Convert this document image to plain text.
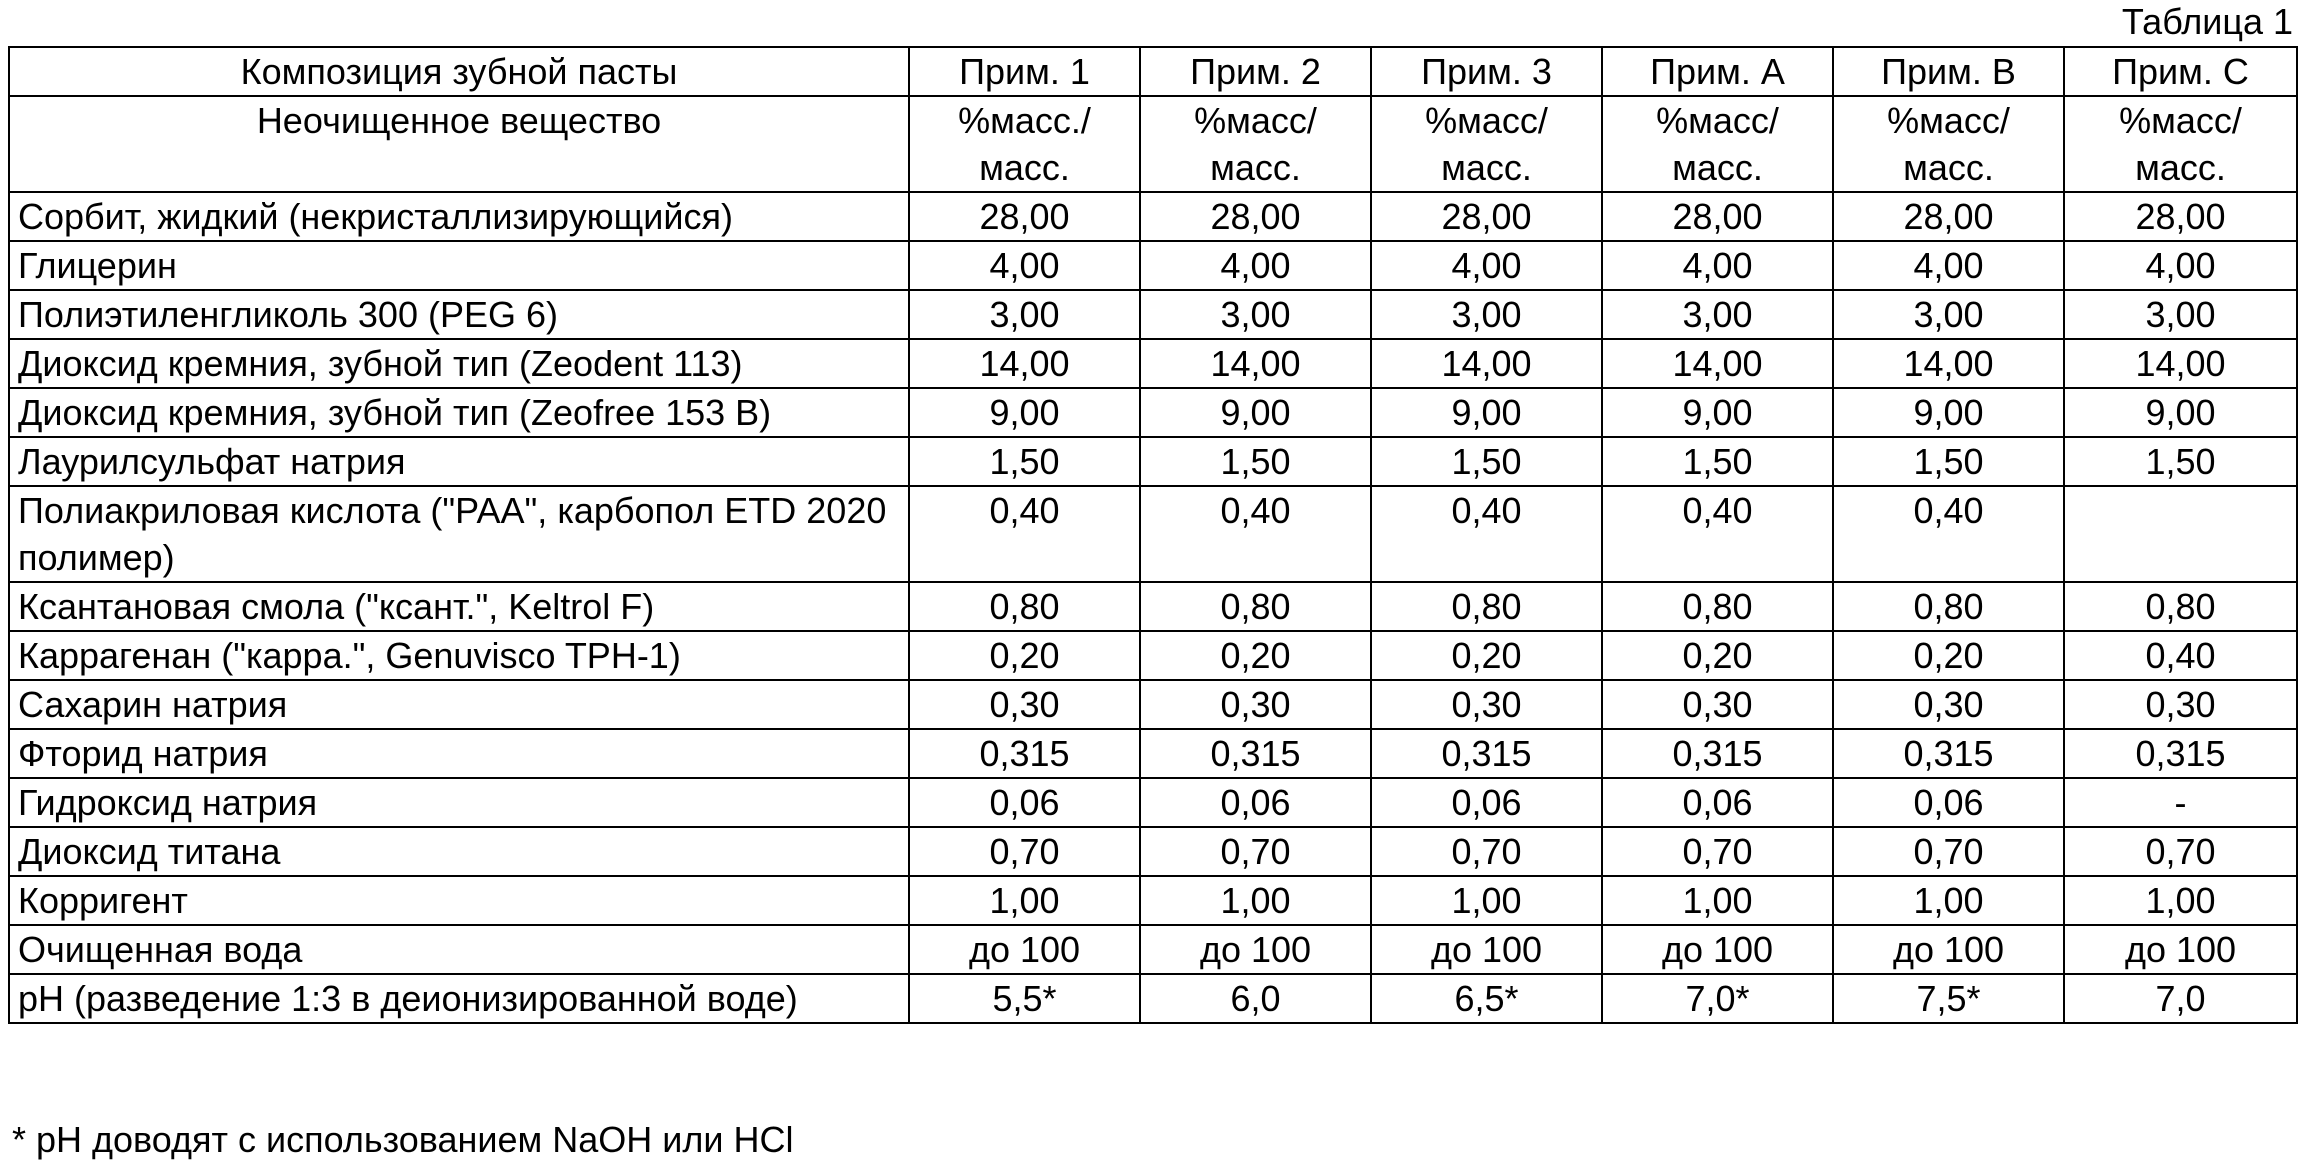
Таблица 1
Композиция зубной пасты	Прим. 1	Прим. 2	Прим. 3	Прим. A	Прим. B	Прим. C
Неочищенное вещество	%масс./ масс.	%масс/ масс.	%масс/ масс.	%масс/ масс.	%масс/ масс.	%масс/ масс.
Сорбит, жидкий (некристаллизирующийся)	28,00	28,00	28,00	28,00	28,00	28,00
Глицерин	4,00	4,00	4,00	4,00	4,00	4,00
Полиэтиленгликоль 300 (PEG 6)	3,00	3,00	3,00	3,00	3,00	3,00
Диоксид кремния, зубной тип (Zeodent 113)	14,00	14,00	14,00	14,00	14,00	14,00
Диоксид кремния, зубной тип (Zeofree 153 B)	9,00	9,00	9,00	9,00	9,00	9,00
Лаурилсульфат натрия	1,50	1,50	1,50	1,50	1,50	1,50
Полиакриловая кислота ("PAA", карбопол ETD 2020 полимер)	0,40	0,40	0,40	0,40	0,40	
Ксантановая смола ("ксант.", Keltrol F)	0,80	0,80	0,80	0,80	0,80	0,80
Каррагенан ("карра.", Genuvisco TPH-1)	0,20	0,20	0,20	0,20	0,20	0,40
Сахарин натрия	0,30	0,30	0,30	0,30	0,30	0,30
Фторид натрия	0,315	0,315	0,315	0,315	0,315	0,315
Гидроксид натрия	0,06	0,06	0,06	0,06	0,06	-
Диоксид титана	0,70	0,70	0,70	0,70	0,70	0,70
Корригент	1,00	1,00	1,00	1,00	1,00	1,00
Очищенная вода	до 100	до 100	до 100	до 100	до 100	до 100
pH (разведение 1:3 в деионизированной воде)	5,5*	6,0	6,5*	7,0*	7,5*	7,0
* pH доводят с использованием NaOH или HCl
